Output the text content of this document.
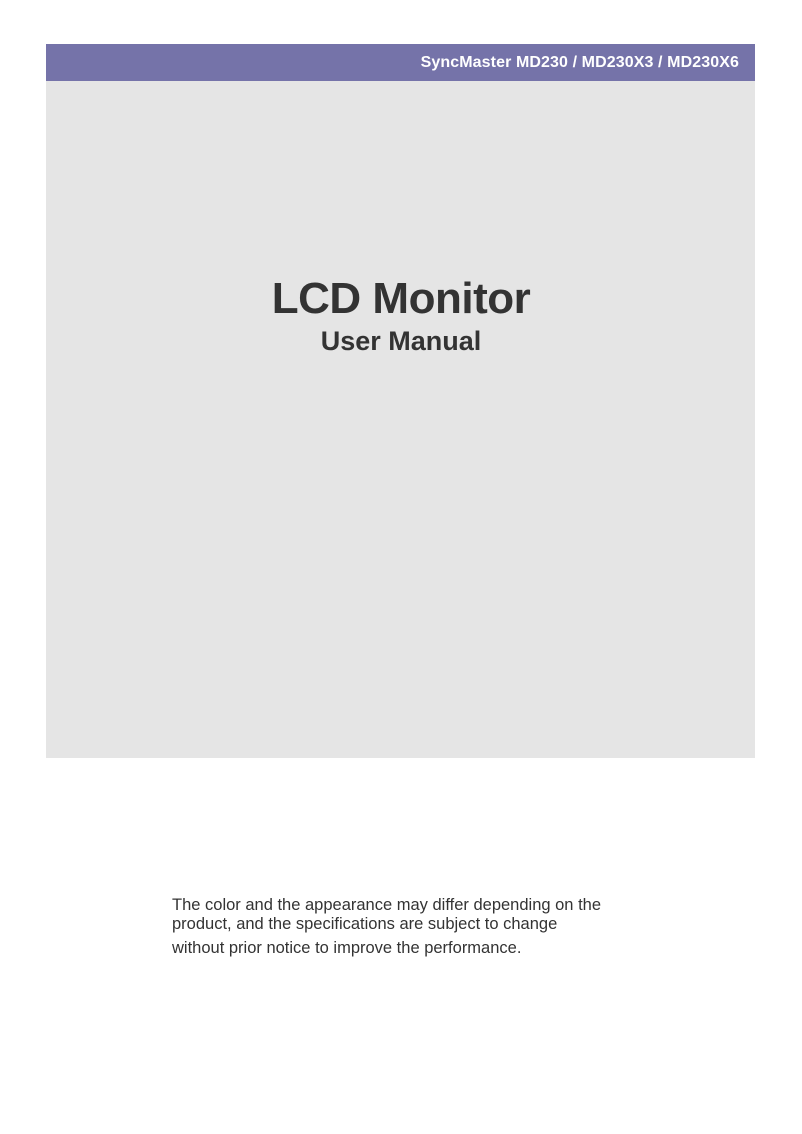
SyncMaster MD230 / MD230X3 / MD230X6
LCD Monitor
User Manual
The color and the appearance may differ depending on the
product, and the specifications are subject to change
without prior notice to improve the performance.
